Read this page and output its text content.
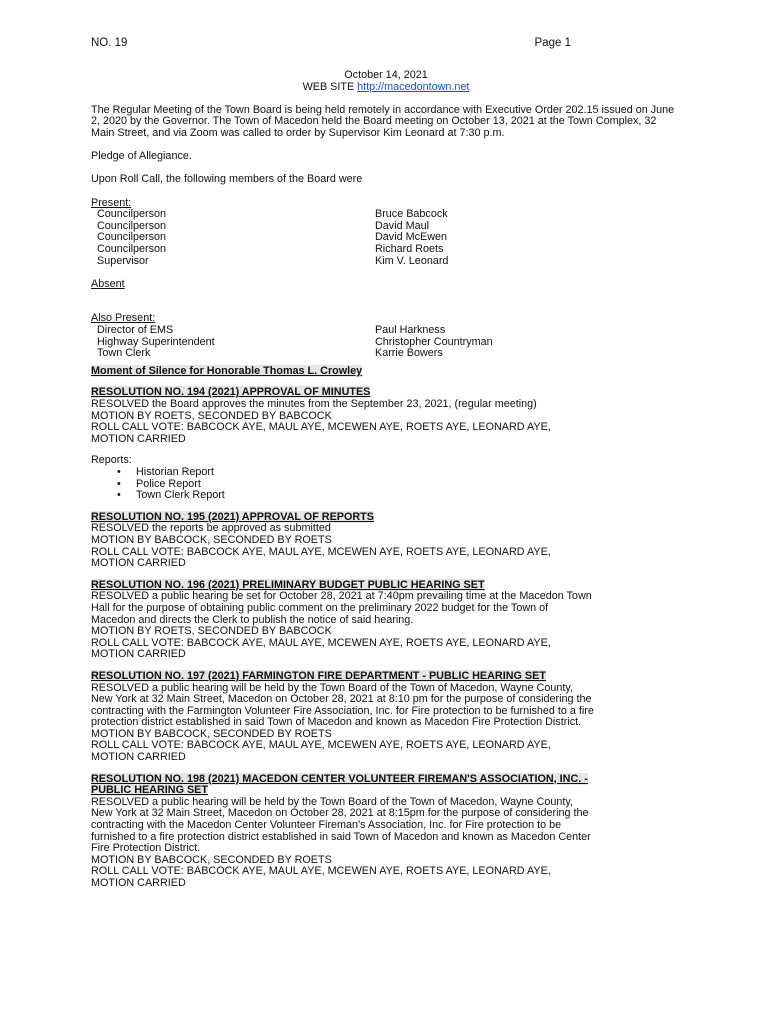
NO. 19	Page 1

October 14, 2021

WEB SITE http://macedontown.net

The Regular Meeting of the Town Board is being held remotely in accordance with Executive Order 202.15 issued on June 2, 2020 by the Governor. The Town of Macedon held the Board meeting on October 13, 2021 at the Town Complex, 32 Main Street, and via Zoom was called to order by Supervisor Kim Leonard at 7:30 p.m.

Pledge of Allegiance.

Upon Roll Call, the following members of the Board were

Present:

Councilperson	Bruce Babcock
Councilperson	David Maul
Councilperson	David McEwen
Councilperson	Richard Roets
Supervisor	Kim V. Leonard

Absent

Also Present:

Director of EMS	Paul Harkness
Highway Superintendent	Christopher Countryman
Town Clerk	Karrie Bowers

Moment of Silence for Honorable Thomas L. Crowley

RESOLUTION NO. 194 (2021) APPROVAL OF MINUTES

RESOLVED the Board approves the minutes from the September 23, 2021, (regular meeting)

MOTION BY ROETS, SECONDED BY BABCOCK

ROLL CALL VOTE: BABCOCK AYE, MAUL AYE, MCEWEN AYE, ROETS AYE, LEONARD AYE,

MOTION CARRIED

Reports:

• Historian Report
• Police Report
• Town Clerk Report

RESOLUTION NO. 195 (2021) APPROVAL OF REPORTS

RESOLVED the reports be approved as submitted

MOTION BY BABCOCK, SECONDED BY ROETS

ROLL CALL VOTE: BABCOCK AYE, MAUL AYE, MCEWEN AYE, ROETS AYE, LEONARD AYE,

MOTION CARRIED

RESOLUTION NO. 196 (2021) PRELIMINARY BUDGET PUBLIC HEARING SET

RESOLVED a public hearing be set for October 28, 2021 at 7:40pm prevailing time at the Macedon Town

Hall for the purpose of obtaining public comment on the preliminary 2022 budget for the Town of

Macedon and directs the Clerk to publish the notice of said hearing.

MOTION BY ROETS, SECONDED BY BABCOCK

ROLL CALL VOTE: BABCOCK AYE, MAUL AYE, MCEWEN AYE, ROETS AYE, LEONARD AYE,

MOTION CARRIED

RESOLUTION NO. 197 (2021) FARMINGTON FIRE DEPARTMENT - PUBLIC HEARING SET

RESOLVED a public hearing will be held by the Town Board of the Town of Macedon, Wayne County,

New York at 32 Main Street, Macedon on October 28, 2021 at 8:10 pm for the purpose of considering the

contracting with the Farmington Volunteer Fire Association, Inc. for Fire protection to be furnished to a fire

protection district established in said Town of Macedon and known as Macedon Fire Protection District.

MOTION BY BABCOCK, SECONDED BY ROETS

ROLL CALL VOTE: BABCOCK AYE, MAUL AYE, MCEWEN AYE, ROETS AYE, LEONARD AYE,

MOTION CARRIED

RESOLUTION NO. 198 (2021) MACEDON CENTER VOLUNTEER FIREMAN'S ASSOCIATION, INC. -

PUBLIC HEARING SET

RESOLVED a public hearing will be held by the Town Board of the Town of Macedon, Wayne County,

New York at 32 Main Street, Macedon on October 28, 2021 at 8:15pm for the purpose of considering the

contracting with the Macedon Center Volunteer Fireman's Association, Inc. for Fire protection to be

furnished to a fire protection district established in said Town of Macedon and known as Macedon Center

Fire Protection District.

MOTION BY BABCOCK, SECONDED BY ROETS

ROLL CALL VOTE: BABCOCK AYE, MAUL AYE, MCEWEN AYE, ROETS AYE, LEONARD AYE,

MOTION CARRIED
